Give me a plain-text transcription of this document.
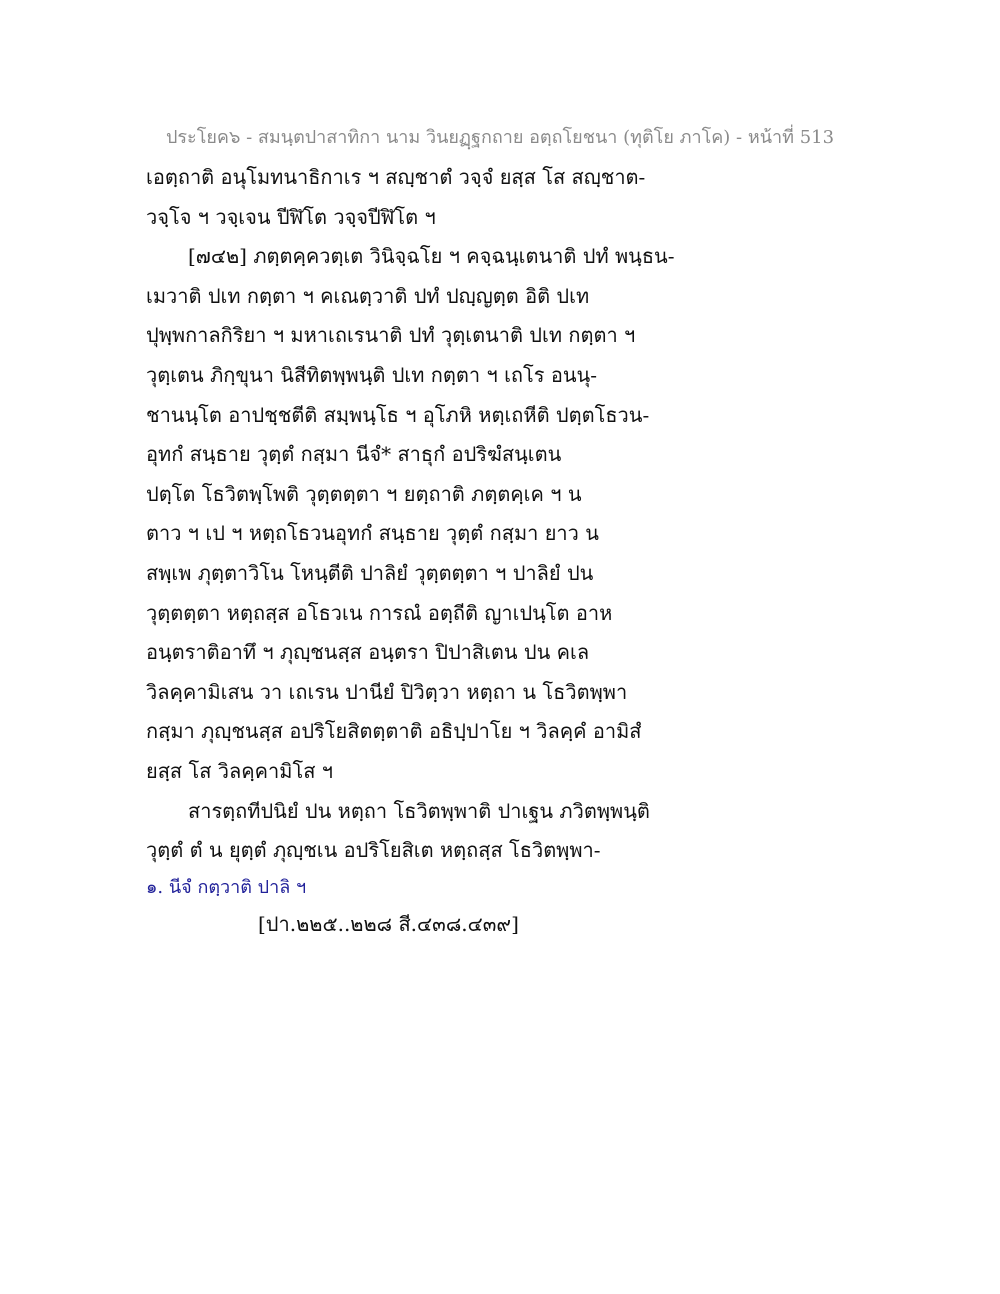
ประโยค๖ - สมนฺตปาสาทิกา นาม วินยฏฺฐกถาย อตฺถโยชนา (ทุติโย ภาโค) - หน้าที่ 513
เอตฺถาติ อนุโมทนาธิกาเร ฯ สญฺชาตํ วจฺจํ ยสฺส โส สญฺชาต-
วจฺโจ ฯ วจฺเจน ปีฬิโต วจฺจปีฬิโต ฯ
[๗๔๒] ภตฺตคฺควตฺเต วินิจฺฉโย ฯ คจฺฉนฺเตนาติ ปทํ พนฺธน-
เมวาติ ปเท กตฺตา ฯ คเณตฺวาติ ปทํ ปญฺญตฺต อิติ ปเท
ปุพฺพกาลกิริยา ฯ มหาเถเรนาติ ปทํ วุตฺเตนาติ ปเท กตฺตา ฯ
วุตฺเตน ภิกฺขุนา นิสีทิตพฺพนฺติ ปเท กตฺตา ฯ เถโร อนนุ-
ชานนฺโต อาปชฺชตีติ สมฺพนฺโธ ฯ อุโภหิ หตฺเถหีติ ปตฺตโธวน-
อุทกํ สนฺธาย วุตฺตํ กสฺมา นีจํ* สาธุกํ อปริฆํสนฺเตน
ปตฺโต โธวิตพฺโพติ วุตฺตตฺตา ฯ ยตฺถาติ ภตฺตคฺเค ฯ น
ตาว ฯ เป ฯ หตฺถโธวนอุทกํ สนฺธาย วุตฺตํ กสฺมา ยาว น
สพฺเพ ภุตฺตาวิโน โหนฺตีติ ปาลิยํ วุตฺตตฺตา ฯ ปาลิยํ ปน
วุตฺตตฺตา หตฺถสฺส อโธวเน การณํ อตฺถีติ ญาเปนฺโต อาห
อนฺตราติอาทึ ฯ ภุญฺชนสฺส อนฺตรา ปิปาสิเตน ปน คเล
วิลคฺคามิเสน วา เถเรน ปานียํ ปิวิตฺวา หตฺถา น โธวิตพฺพา
กสฺมา ภุญฺชนสฺส อปริโยสิตตฺตาติ อธิปฺปาโย ฯ วิลคฺคํ อามิสํ
ยสฺส โส วิลคฺคามิโส ฯ
สารตฺถทีปนิยํ ปน หตฺถา โธวิตพฺพาติ ปาเฐน ภวิตพฺพนฺติ
วุตฺตํ ตํ น ยุตฺตํ ภุญฺชเน อปริโยสิเต หตฺถสฺส โธวิตพฺพา-
๑. นีจํ กตฺวาติ ปาลิ ฯ
[ปา.๒๒๕..๒๒๘ สี.๔๓๘.๔๓๙]
